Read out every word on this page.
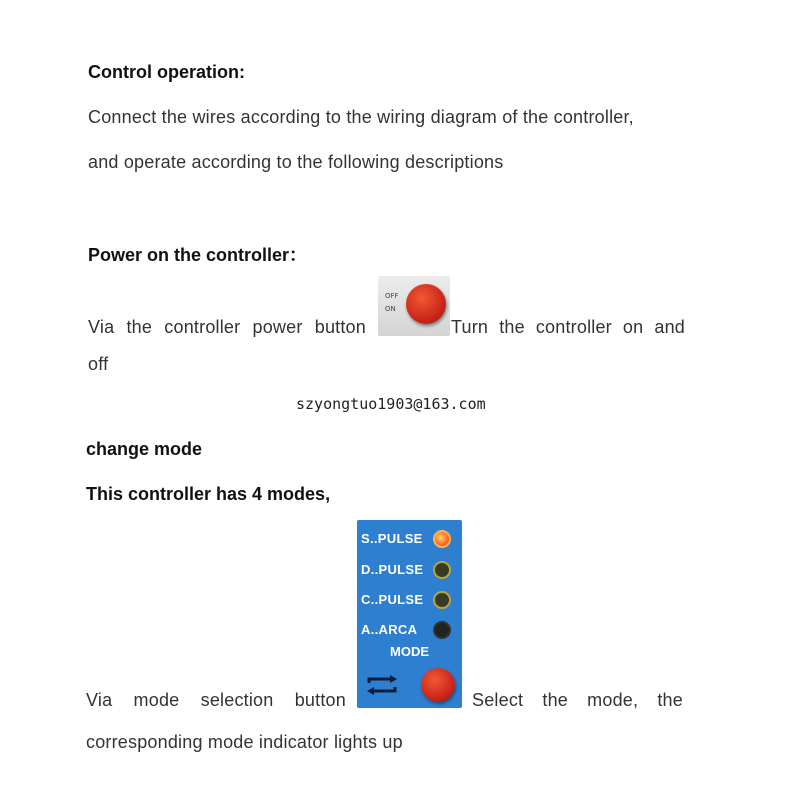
Control operation:
Connect the wires according to the wiring diagram of the controller,
and operate according to the following descriptions
Power on the controller：
Via the controller power button
OFF
ON
Turn the controller on and
off
szyongtuo1903@163.com
change mode
This controller has 4 modes,
S..PULSE
D..PULSE
C..PULSE
A..ARCA
MODE
Via mode selection button	Select the mode, the
corresponding mode indicator lights up
